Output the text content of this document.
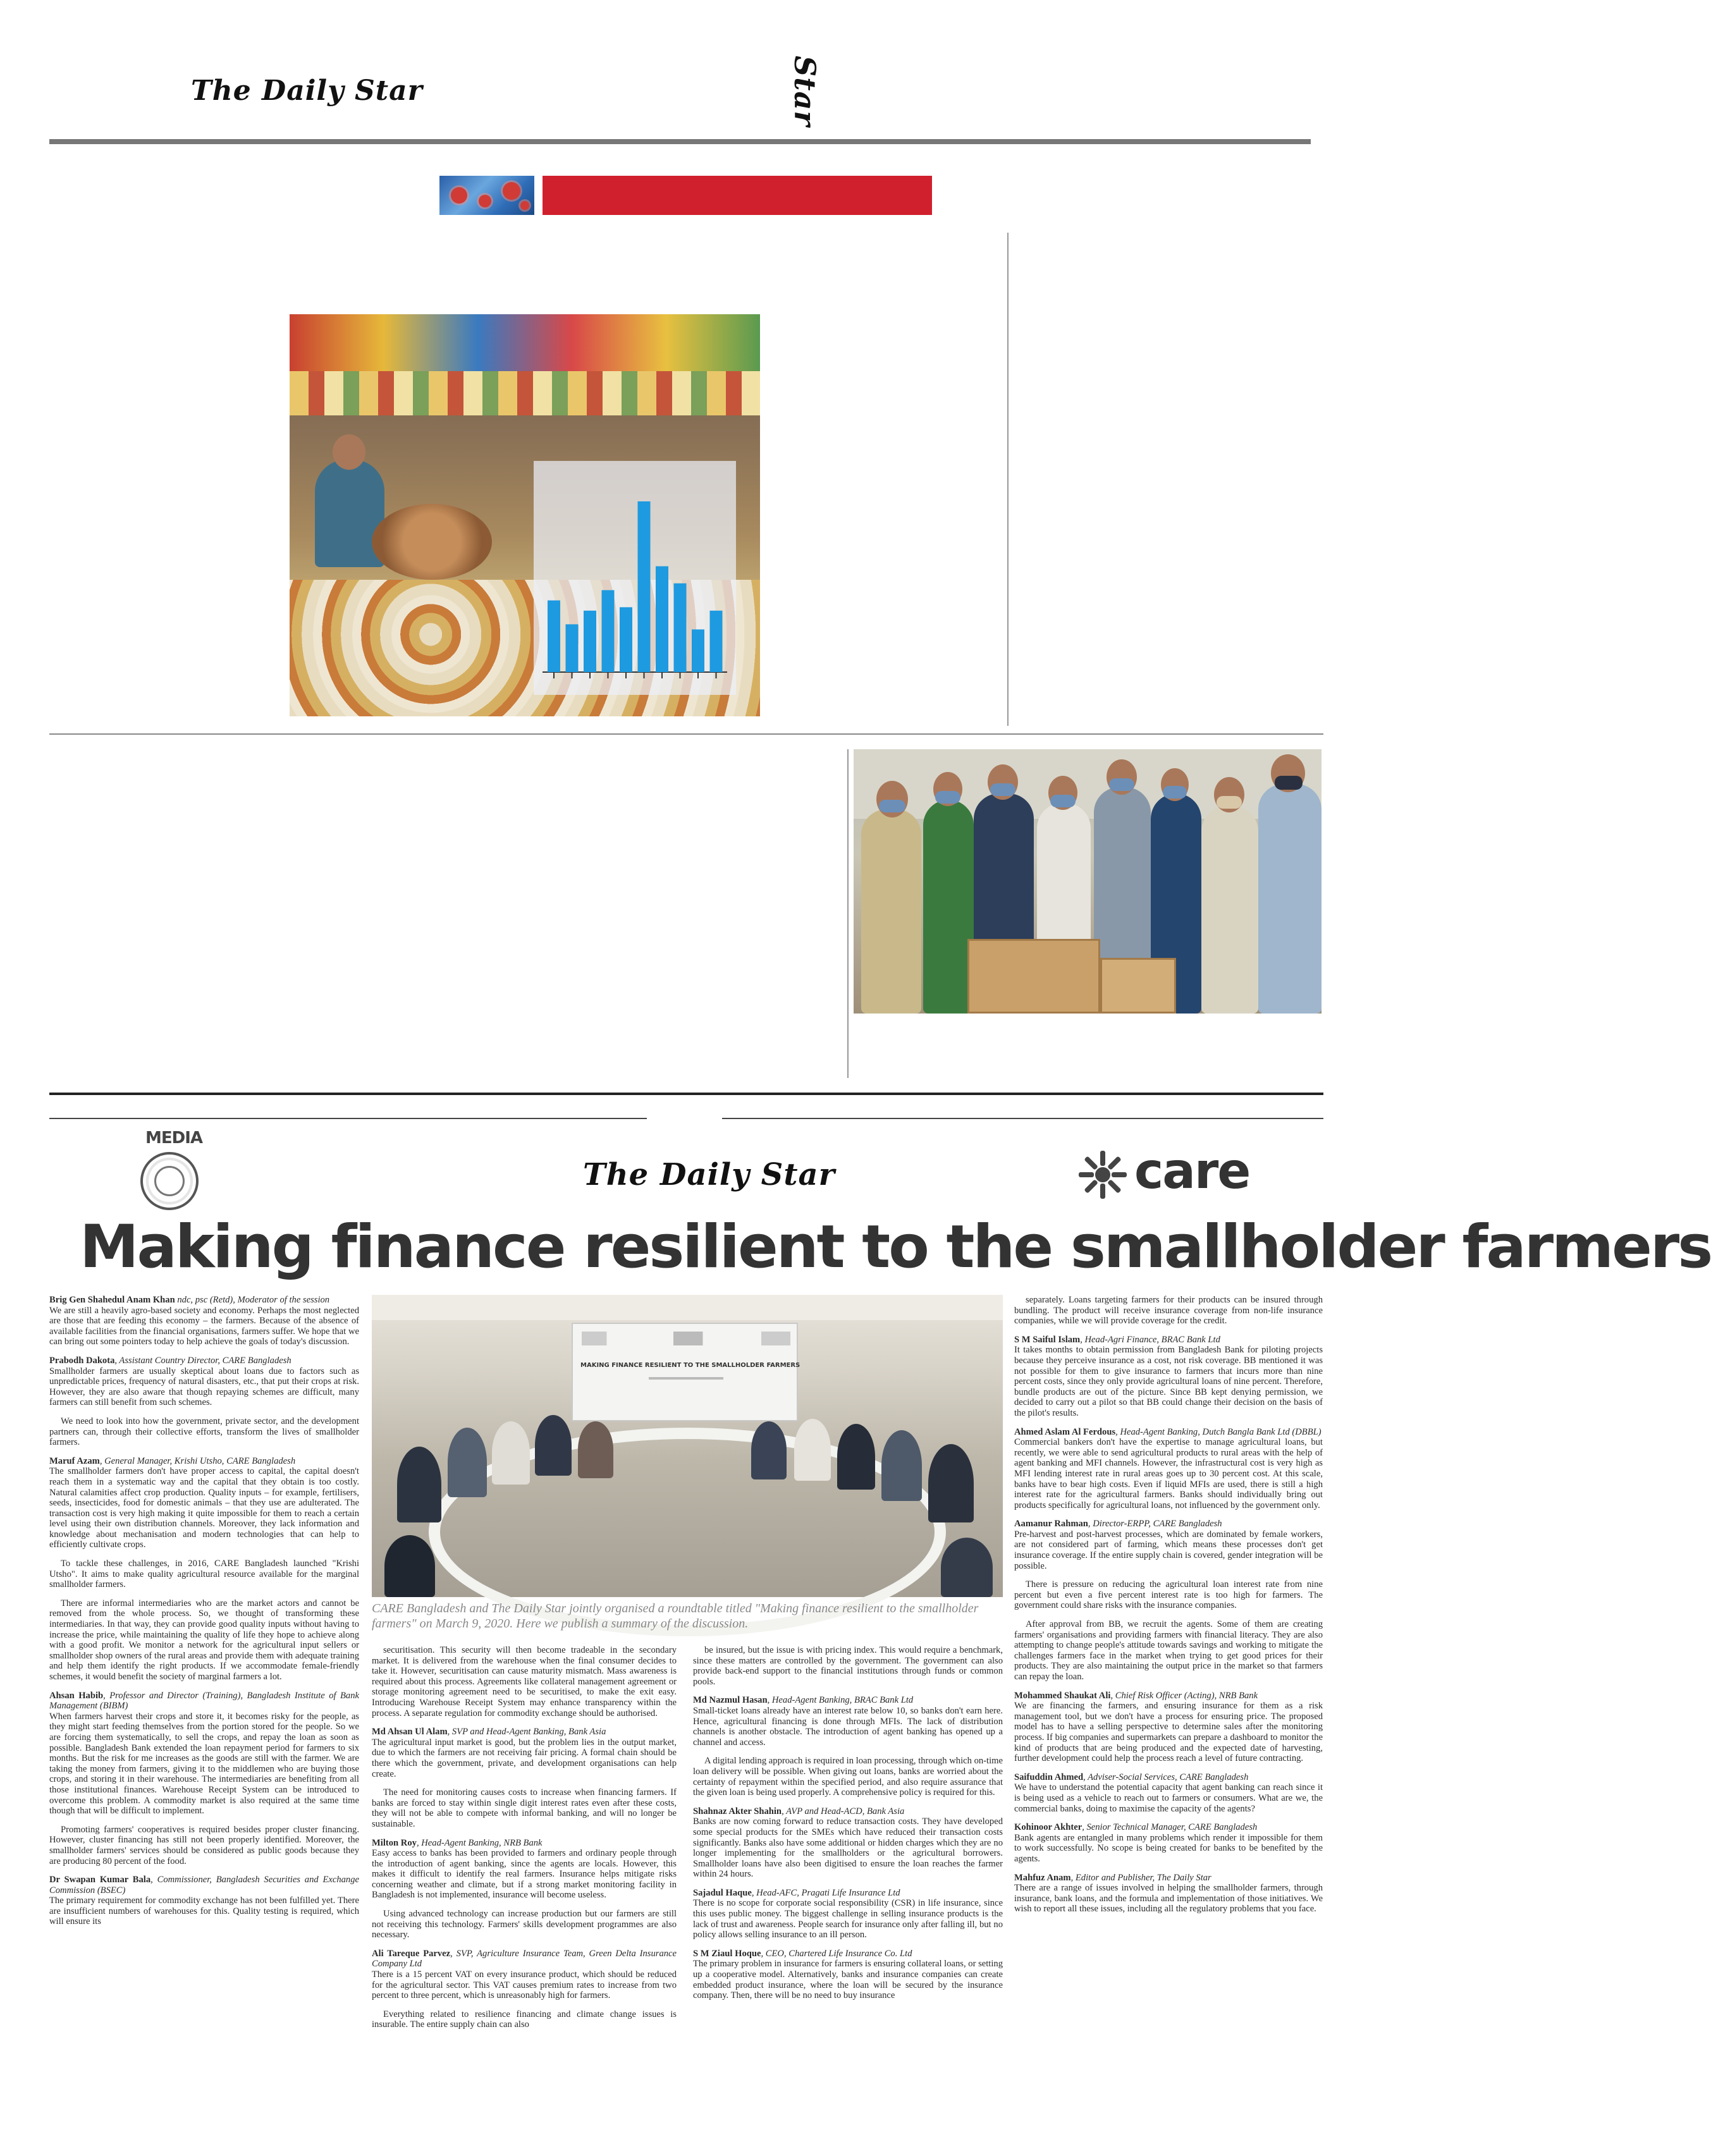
The Daily Star	Star
MEDIA
The Daily Star	care
Making finance resilient to the smallholder farmers

Brig Gen Shahedul Anam Khan ndc, psc (Retd), Moderator of the session
We are still a heavily agro-based society and economy. Perhaps the most neglected are those that are feeding this economy – the farmers. Because of the absence of available facilities from the financial organisations, farmers suffer. We hope that we can bring out some pointers today to help achieve the goals of today's discussion.

Prabodh Dakota, Assistant Country Director, CARE Bangladesh
Smallholder farmers are usually skeptical about loans due to factors such as unpredictable prices, frequency of natural disasters, etc., that put their crops at risk. However, they are also aware that though repaying schemes are difficult, many farmers can still benefit from such schemes.

We need to look into how the government, private sector, and the development partners can, through their collective efforts, transform the lives of smallholder farmers.

Maruf Azam, General Manager, Krishi Utsho, CARE Bangladesh
The smallholder farmers don't have proper access to capital, the capital doesn't reach them in a systematic way and the capital that they obtain is too costly. Natural calamities affect crop production. Quality inputs – for example, fertilisers, seeds, insecticides, food for domestic animals – that they use are adulterated. The transaction cost is very high making it quite impossible for them to reach a certain level using their own distribution channels. Moreover, they lack information and knowledge about mechanisation and modern technologies that can help to efficiently cultivate crops.

To tackle these challenges, in 2016, CARE Bangladesh launched "Krishi Utsho". It aims to make quality agricultural resource available for the marginal smallholder farmers.

There are informal intermediaries who are the market actors and cannot be removed from the whole process. So, we thought of transforming these intermediaries. In that way, they can provide good quality inputs without having to increase the price, while maintaining the quality of life they hope to achieve along with a good profit. We monitor a network for the agricultural input sellers or smallholder shop owners of the rural areas and provide them with adequate training and help them identify the right products. If we accommodate female-friendly schemes, it would benefit the society of marginal farmers a lot.

Ahsan Habib, Professor and Director (Training), Bangladesh Institute of Bank Management (BIBM)
When farmers harvest their crops and store it, it becomes risky for the people, as they might start feeding themselves from the portion stored for the people. So we are forcing them systematically, to sell the crops, and repay the loan as soon as possible. Bangladesh Bank extended the loan repayment period for farmers to six months. But the risk for me increases as the goods are still with the farmer. We are taking the money from farmers, giving it to the middlemen who are buying those crops, and storing it in their warehouse. The intermediaries are benefiting from all those institutional finances. Warehouse Receipt System can be introduced to overcome this problem. A commodity market is also required at the same time though that will be difficult to implement.

Promoting farmers' cooperatives is required besides proper cluster financing. However, cluster financing has still not been properly identified. Moreover, the smallholder farmers' services should be considered as public goods because they are producing 80 percent of the food.

Dr Swapan Kumar Bala, Commissioner, Bangladesh Securities and Exchange Commission (BSEC)
The primary requirement for commodity exchange has not been fulfilled yet. There are insufficient numbers of warehouses for this. Quality testing is required, which will ensure its

MAKING FINANCE RESILIENT TO THE SMALLHOLDER FARMERS
CARE Bangladesh and The Daily Star jointly organised a roundtable titled "Making finance resilient to the smallholder farmers" on March 9, 2020. Here we publish a summary of the discussion.

securitisation. This security will then become tradeable in the secondary market. It is delivered from the warehouse when the final consumer decides to take it. However, securitisation can cause maturity mismatch. Mass awareness is required about this process. Agreements like collateral management agreement or storage monitoring agreement need to be securitised, to make the exit easy. Introducing Warehouse Receipt System may enhance transparency within the process. A separate regulation for commodity exchange should be authorised.

Md Ahsan Ul Alam, SVP and Head-Agent Banking, Bank Asia
The agricultural input market is good, but the problem lies in the output market, due to which the farmers are not receiving fair pricing. A formal chain should be there which the government, private, and development organisations can help create.

The need for monitoring causes costs to increase when financing farmers. If banks are forced to stay within single digit interest rates even after these costs, they will not be able to compete with informal banking, and will no longer be sustainable.

Milton Roy, Head-Agent Banking, NRB Bank
Easy access to banks has been provided to farmers and ordinary people through the introduction of agent banking, since the agents are locals. However, this makes it difficult to identify the real farmers. Insurance helps mitigate risks concerning weather and climate, but if a strong market monitoring facility in Bangladesh is not implemented, insurance will become useless.

Using advanced technology can increase production but our farmers are still not receiving this technology. Farmers' skills development programmes are also necessary.

Ali Tareque Parvez, SVP, Agriculture Insurance Team, Green Delta Insurance Company Ltd
There is a 15 percent VAT on every insurance product, which should be reduced for the agricultural sector. This VAT causes premium rates to increase from two percent to three percent, which is unreasonably high for farmers.

Everything related to resilience financing and climate change issues is insurable. The entire supply chain can also

be insured, but the issue is with pricing index. This would require a benchmark, since these matters are controlled by the government. The government can also provide back-end support to the financial institutions through funds or common pools.

Md Nazmul Hasan, Head-Agent Banking, BRAC Bank Ltd
Small-ticket loans already have an interest rate below 10, so banks don't earn here. Hence, agricultural financing is done through MFIs. The lack of distribution channels is another obstacle. The introduction of agent banking has opened up a channel and access.

A digital lending approach is required in loan processing, through which on-time loan delivery will be possible. When giving out loans, banks are worried about the certainty of repayment within the specified period, and also require assurance that the given loan is being used properly. A comprehensive policy is required for this.

Shahnaz Akter Shahin, AVP and Head-ACD, Bank Asia
Banks are now coming forward to reduce transaction costs. They have developed some special products for the SMEs which have reduced their transaction costs significantly. Banks also have some additional or hidden charges which they are no longer implementing for the smallholders or the agricultural borrowers. Smallholder loans have also been digitised to ensure the loan reaches the farmer within 24 hours.

Sajadul Haque, Head-AFC, Pragati Life Insurance Ltd
There is no scope for corporate social responsibility (CSR) in life insurance, since this uses public money. The biggest challenge in selling insurance products is the lack of trust and awareness. People search for insurance only after falling ill, but no policy allows selling insurance to an ill person.

S M Ziaul Hoque, CEO, Chartered Life Insurance Co. Ltd
The primary problem in insurance for farmers is ensuring collateral loans, or setting up a cooperative model. Alternatively, banks and insurance companies can create embedded product insurance, where the loan will be secured by the insurance company. Then, there will be no need to buy insurance

separately. Loans targeting farmers for their products can be insured through bundling. The product will receive insurance coverage from non-life insurance companies, while we will provide coverage for the credit.

S M Saiful Islam, Head-Agri Finance, BRAC Bank Ltd
It takes months to obtain permission from Bangladesh Bank for piloting projects because they perceive insurance as a cost, not risk coverage. BB mentioned it was not possible for them to give insurance to farmers that incurs more than nine percent costs, since they only provide agricultural loans of nine percent. Therefore, bundle products are out of the picture. Since BB kept denying permission, we decided to carry out a pilot so that BB could change their decision on the basis of the pilot's results.

Ahmed Aslam Al Ferdous, Head-Agent Banking, Dutch Bangla Bank Ltd (DBBL)
Commercial bankers don't have the expertise to manage agricultural loans, but recently, we were able to send agricultural products to rural areas with the help of agent banking and MFI channels. However, the infrastructural cost is very high as MFI lending interest rate in rural areas goes up to 30 percent cost. At this scale, banks have to bear high costs. Even if liquid MFIs are used, there is still a high interest rate for the agricultural farmers. Banks should individually bring out products specifically for agricultural loans, not influenced by the government only.

Aamanur Rahman, Director-ERPP, CARE Bangladesh
Pre-harvest and post-harvest processes, which are dominated by female workers, are not considered part of farming, which means these processes don't get insurance coverage. If the entire supply chain is covered, gender integration will be possible.

There is pressure on reducing the agricultural loan interest rate from nine percent but even a five percent interest rate is too high for farmers. The government could share risks with the insurance companies.

After approval from BB, we recruit the agents. Some of them are creating farmers' organisations and providing farmers with financial literacy. They are also attempting to change people's attitude towards savings and working to mitigate the challenges farmers face in the market when trying to get good prices for their products. They are also maintaining the output price in the market so that farmers can repay the loan.

Mohammed Shaukat Ali, Chief Risk Officer (Acting), NRB Bank
We are financing the farmers, and ensuring insurance for them as a risk management tool, but we don't have a process for ensuring price. The proposed model has to have a selling perspective to determine sales after the monitoring process. If big companies and supermarkets can prepare a dashboard to monitor the kind of products that are being produced and the expected date of harvesting, further development could help the process reach a level of future contracting.

Saifuddin Ahmed, Adviser-Social Services, CARE Bangladesh
We have to understand the potential capacity that agent banking can reach since it is being used as a vehicle to reach out to farmers or consumers. What are we, the commercial banks, doing to maximise the capacity of the agents?

Kohinoor Akhter, Senior Technical Manager, CARE Bangladesh
Bank agents are entangled in many problems which render it impossible for them to work successfully. No scope is being created for banks to be benefited by the agents.

Mahfuz Anam, Editor and Publisher, The Daily Star
There are a range of issues involved in helping the smallholder farmers, through insurance, bank loans, and the formula and implementation of those initiatives. We wish to report all these issues, including all the regulatory problems that you face.
